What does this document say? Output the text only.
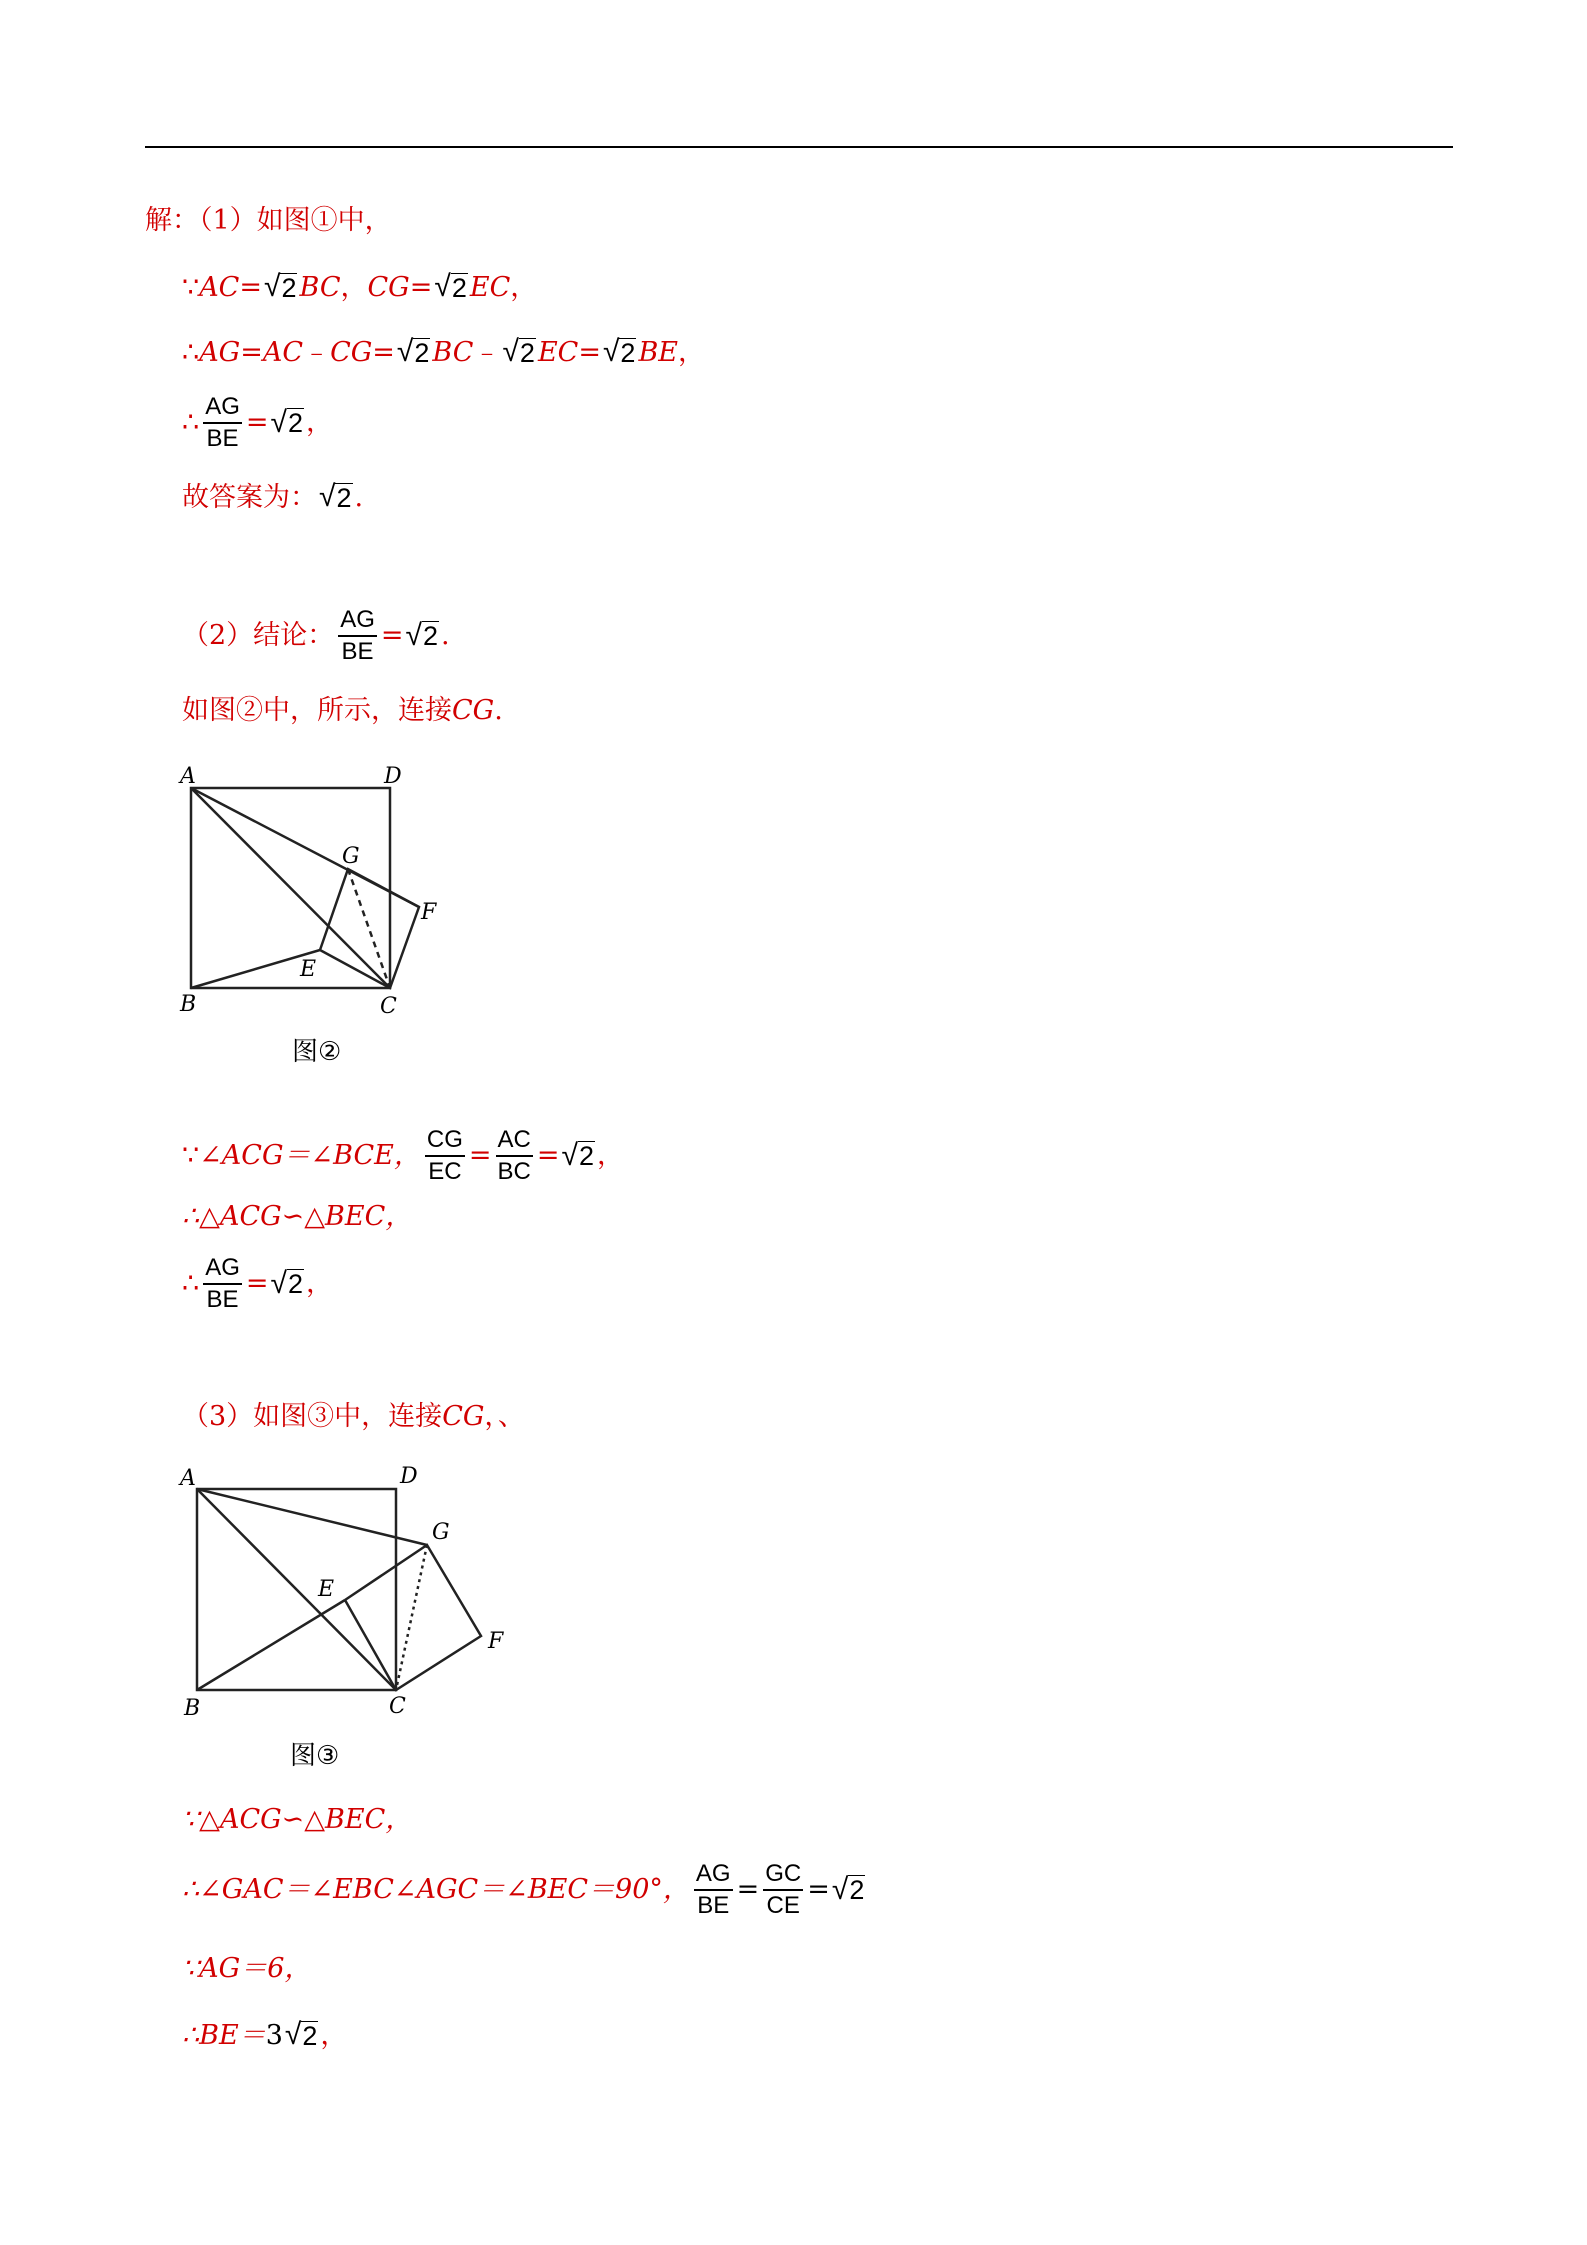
解：（1）如图①中，
∵ AC = √ 2 BC ， CG = √ 2 EC ，
∴ AG = AC ﹣ CG = √ 2 BC ﹣ √ 2 EC = √ 2 BE ，
∴ $\frac{AG}{BE}$ = √ 2 ，
故答案为： √ 2 .
（2）结论： $\frac{AG}{BE}$ = √ 2 .
如图②中，所示，连接 CG .
A	D
G
F
E
B	C
图②
∵ ∠ACG＝∠BCE， $\frac{CG}{EC} = \frac{AC}{BC}$ = √ 2 ，
∴△ACG∽△BEC，
∴ $\frac{AG}{BE}$ = √ 2 ，
（3）如图③中，连接 CG ，、
A	D
G
F
E
B	C
图③
∵△ACG∽△BEC，
∴∠GAC＝∠EBC∠AGC＝∠BEC＝90°， $\frac{AG}{BE} = \frac{GC}{CE}$ = √ 2
∵AG＝6，
∴BE＝ 3 √ 2 ，
